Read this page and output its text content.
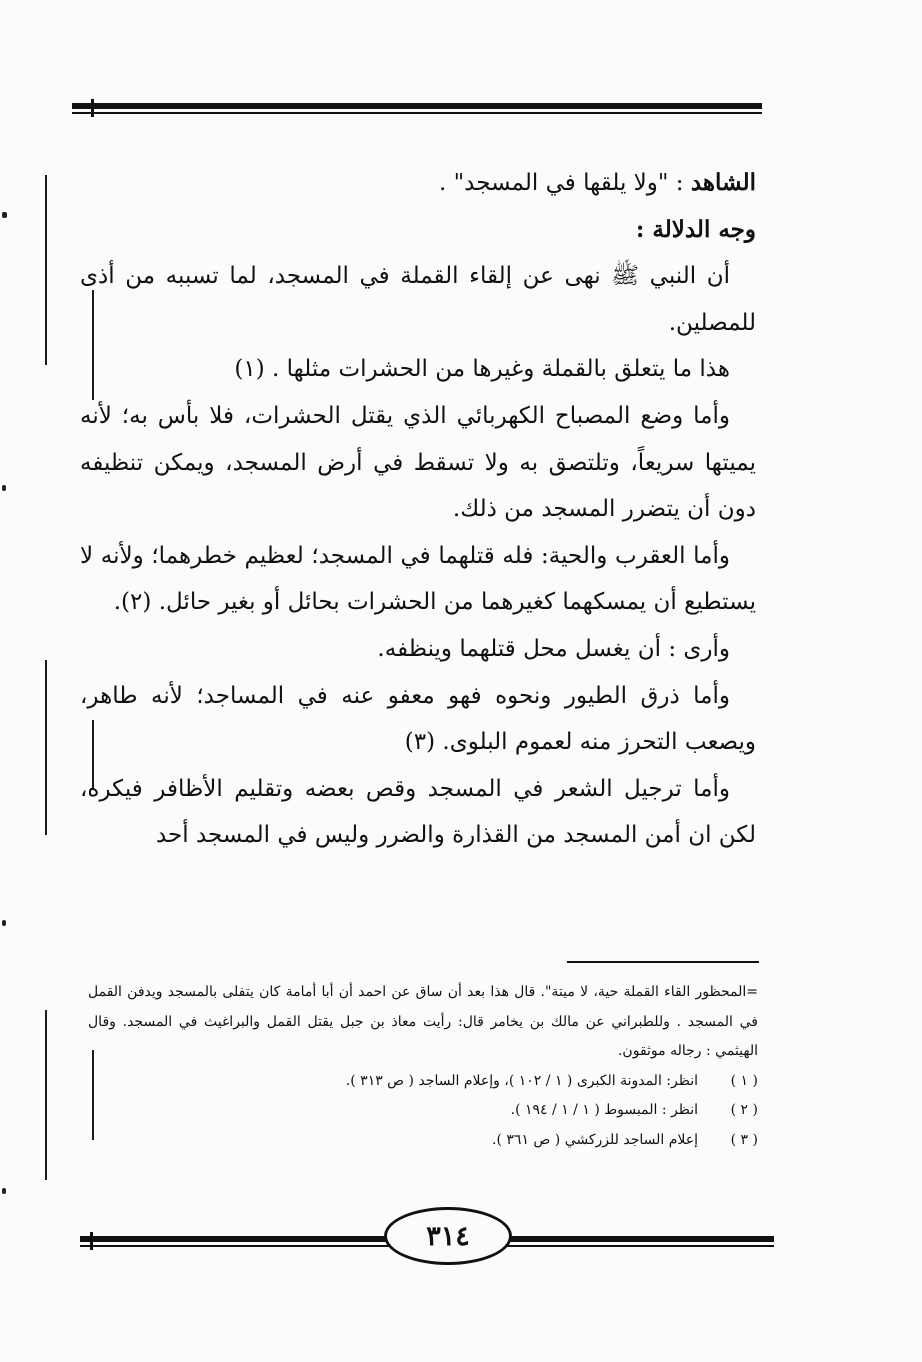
الشاهد : "ولا يلقها في المسجد" .

وجه الدلالة :

أن النبي ﷺ نهى عن إلقاء القملة في المسجد، لما تسببه من أذى للمصلين.

هذا ما يتعلق بالقملة وغيرها من الحشرات مثلها . (١)

وأما وضع المصباح الكهربائي الذي يقتل الحشرات، فلا بأس به؛ لأنه يميتها سريعاً، وتلتصق به ولا تسقط في أرض المسجد، ويمكن تنظيفه دون أن يتضرر المسجد من ذلك.

وأما العقرب والحية: فله قتلهما في المسجد؛ لعظيم خطرهما؛ ولأنه لا يستطيع أن يمسكهما كغيرهما من الحشرات بحائل أو بغير حائل. (٢).

وأرى : أن يغسل محل قتلهما وينظفه.

وأما ذرق الطيور ونحوه فهو معفو عنه في المساجد؛ لأنه طاهر، ويصعب التحرز منه لعموم البلوى. (٣)

وأما ترجيل الشعر في المسجد وقص بعضه وتقليم الأظافر فيكره، لكن ان أمن المسجد من القذارة والضرر وليس في المسجد أحد

=المحظور القاء القملة حية، لا ميتة". قال هذا بعد أن ساق عن احمد أن أبا أمامة كان يتفلى بالمسجد ويدفن القمل في المسجد . وللطبراني عن مالك بن يخامر قال: رأيت معاذ بن جبل يقتل القمل والبراغيث في المسجد. وقال الهيثمي : رجاله موثقون.

( ١ )
انظر: المدونة الكبرى ( ١ / ١٠٢ )، وإعلام الساجد ( ص ٣١٣ ).
( ٢ )
انظر : المبسوط ( ١ / ١ / ١٩٤ ).
( ٣ )
إعلام الساجد للزركشي ( ص ٣٦١ ).
٣١٤
